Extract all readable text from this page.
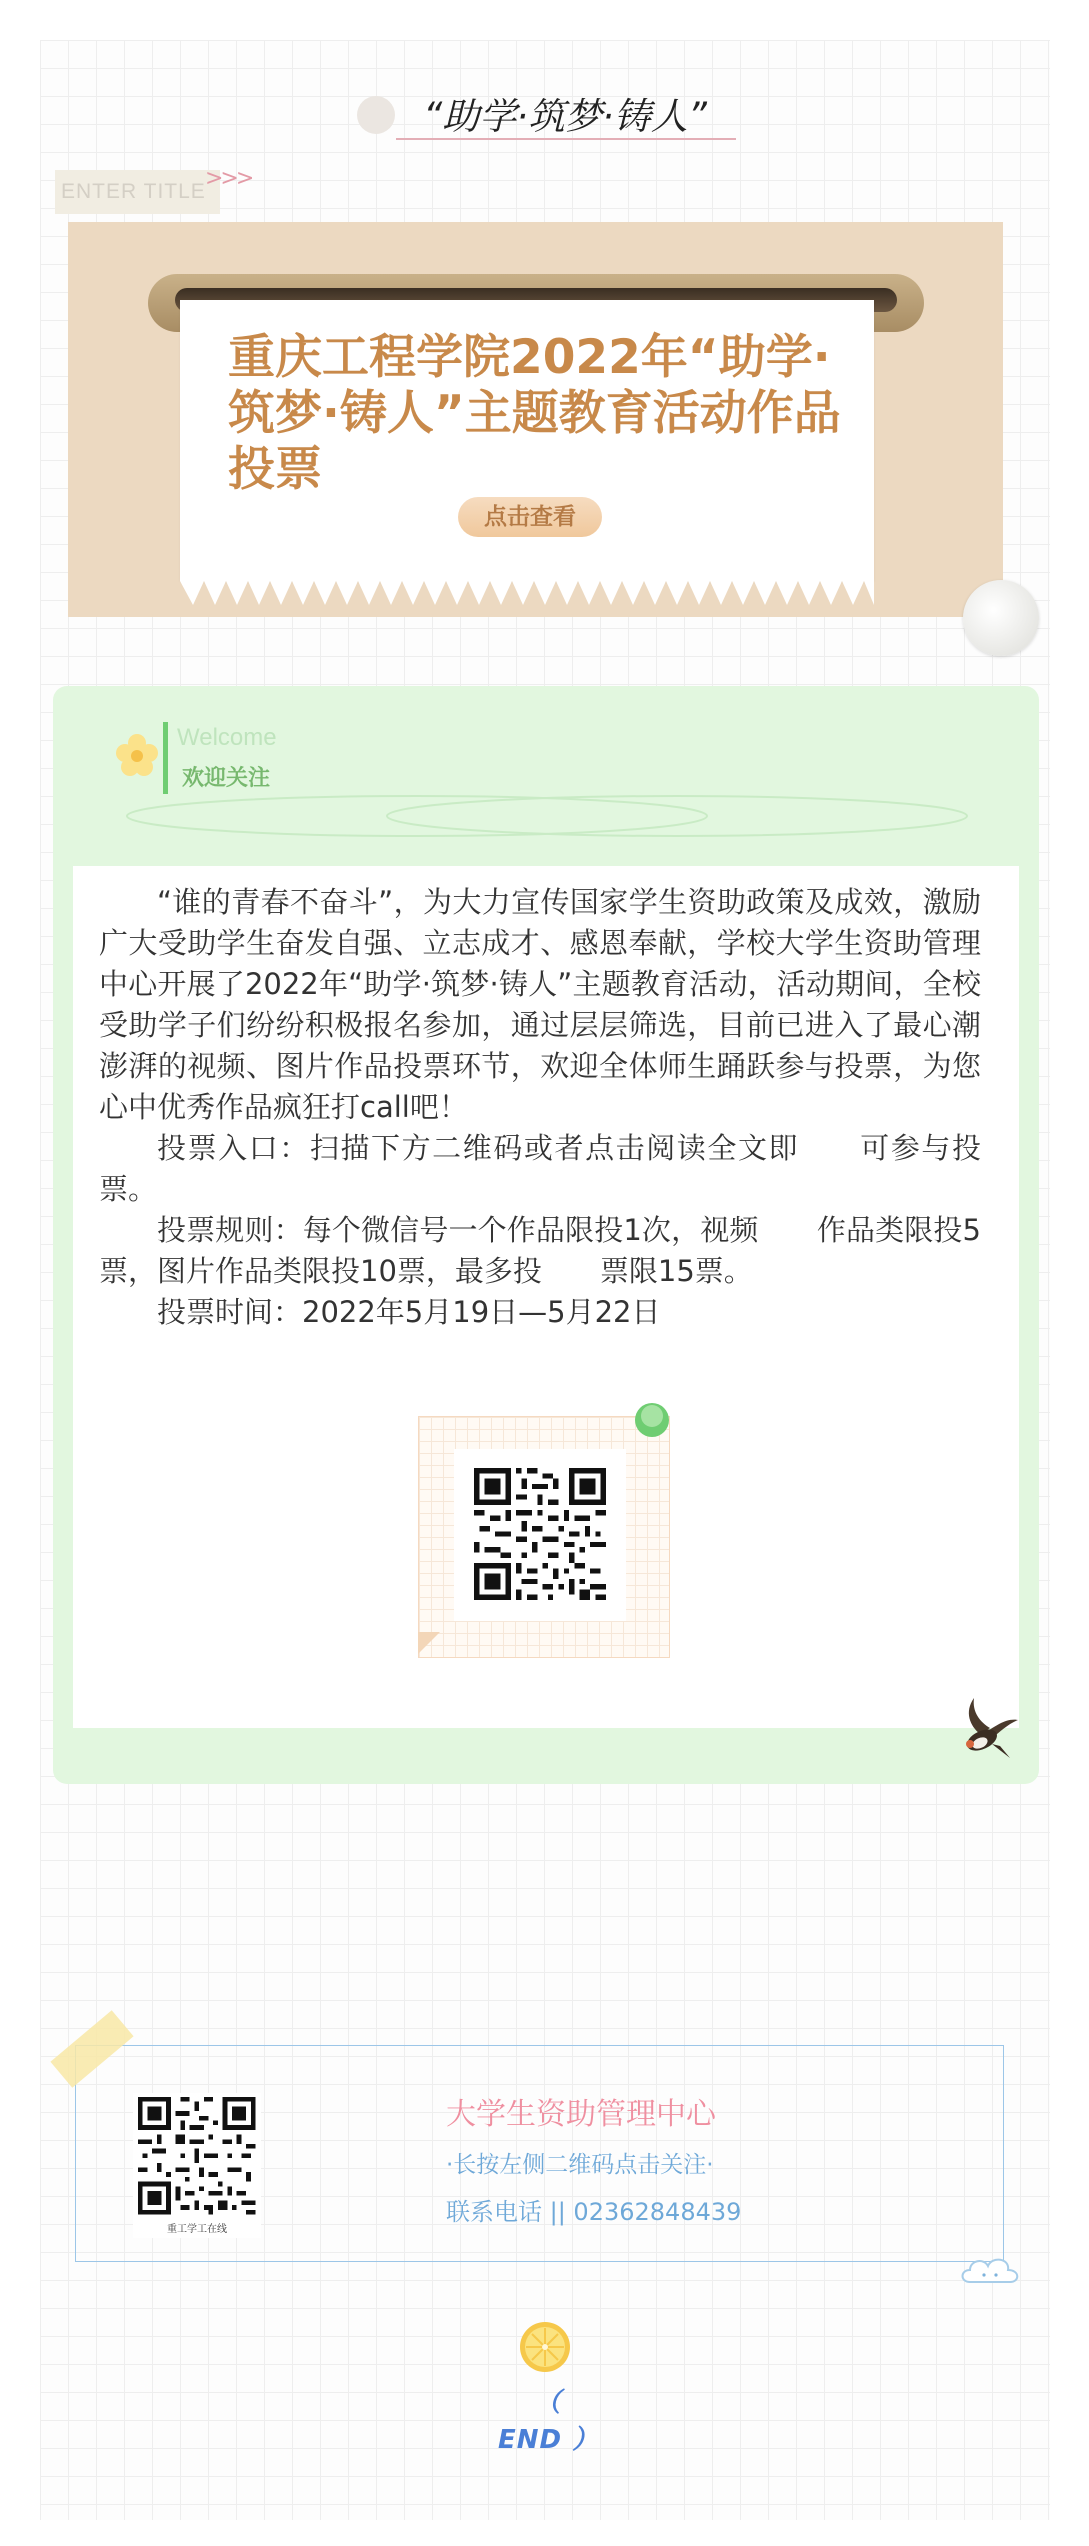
“助学·筑梦·铸人”
ENTER TITLE
>>>
重庆工程学院2022年“助学·筑梦·铸人”主题教育活动作品投票
点击查看
Welcome
欢迎关注

“谁的青春不奋斗”，为大力宣传国家学生资助政策及成效，激励广大受助学生奋发自强、立志成才、感恩奉献，学校大学生资助管理中心开展了2022年“助学·筑梦·铸人”主题教育活动，活动期间，全校受助学子们纷纷积极报名参加，通过层层筛选，目前已进入了最心潮澎湃的视频、图片作品投票环节，欢迎全体师生踊跃参与投票，为您心中优秀作品疯狂打call吧！

投票入口：扫描下方二维码或者点击阅读全文即　　可参与投票。

投票规则：每个微信号一个作品限投1次，视频　　作品类限投5票，图片作品类限投10票，最多投　　票限15票。

投票时间：2022年5月19日—5月22日

重工学工在线
大学生资助管理中心
·长按左侧二维码点击关注·
联系电话 || 02362848439
（ END ）
